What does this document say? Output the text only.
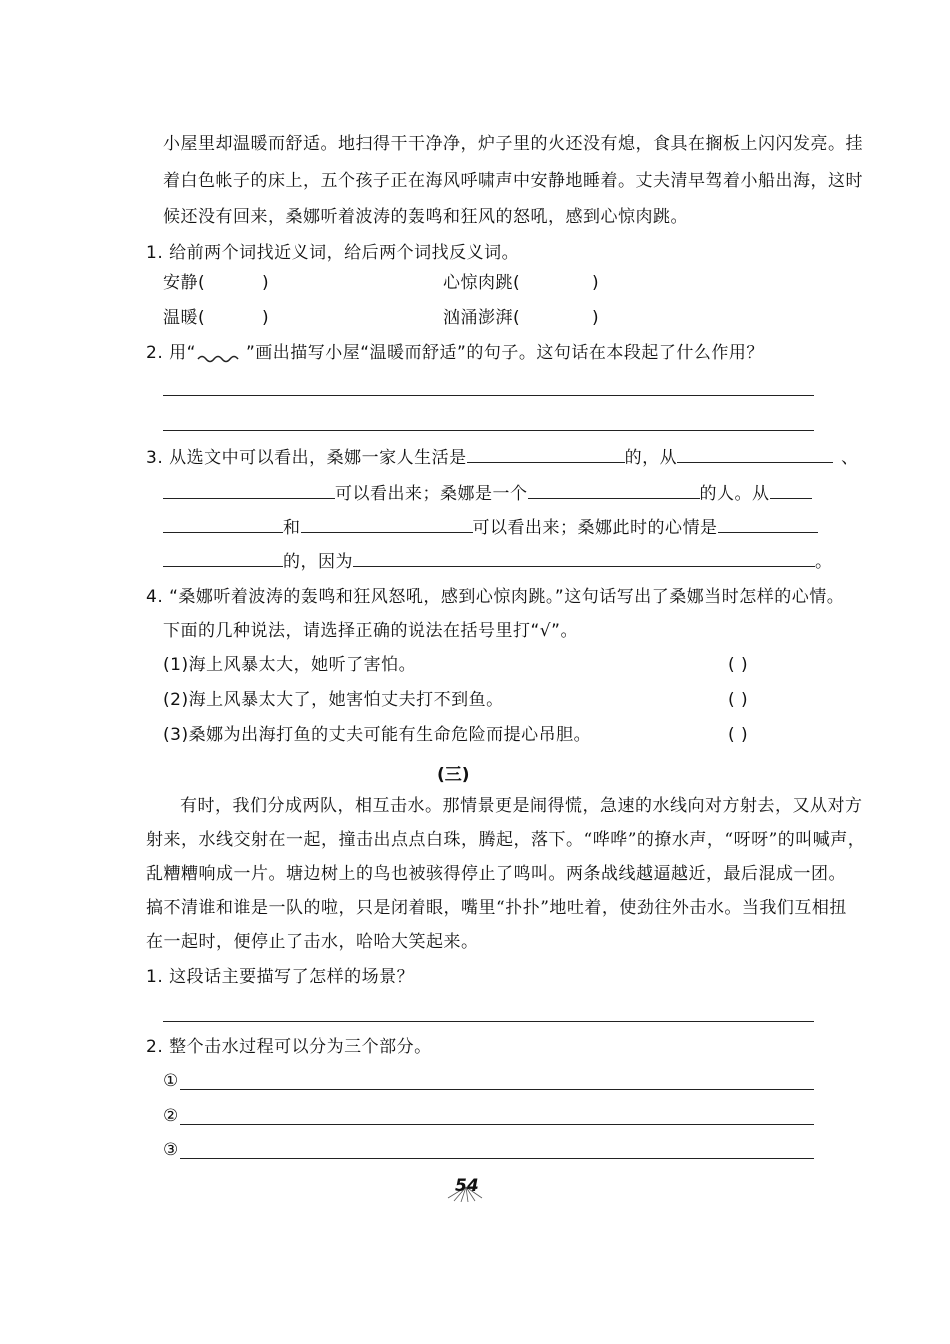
小屋里却温暖而舒适。地扫得干干净净，炉子里的火还没有熄，食具在搁板上闪闪发亮。挂
着白色帐子的床上，五个孩子正在海风呼啸声中安静地睡着。丈夫清早驾着小船出海，这时
候还没有回来，桑娜听着波涛的轰鸣和狂风的怒吼，感到心惊肉跳。
1. 给前两个词找近义词，给后两个词找反义词。
安静(	)	心惊肉跳(	)
温暖(	)	汹涌澎湃(	)
2. 用“	”画出描写小屋“温暖而舒适”的句子。这句话在本段起了什么作用？
3. 从选文中可以看出，桑娜一家人生活是	的，从	、
可以看出来；桑娜是一个	的人。从
和	可以看出来；桑娜此时的心情是
的，因为	。
4. “桑娜听着波涛的轰鸣和狂风怒吼，感到心惊肉跳。”这句话写出了桑娜当时怎样的心情。
下面的几种说法，请选择正确的说法在括号里打“√”。
(1)海上风暴太大，她听了害怕。	( )
(2)海上风暴太大了，她害怕丈夫打不到鱼。	( )
(3)桑娜为出海打鱼的丈夫可能有生命危险而提心吊胆。	( )
(三)
有时，我们分成两队，相互击水。那情景更是闹得慌，急速的水线向对方射去，又从对方
射来，水线交射在一起，撞击出点点白珠，腾起，落下。“哗哗”的撩水声，“呀呀”的叫喊声，
乱糟糟响成一片。塘边树上的鸟也被骇得停止了鸣叫。两条战线越逼越近，最后混成一团。
搞不清谁和谁是一队的啦，只是闭着眼，嘴里“扑扑”地吐着，使劲往外击水。当我们互相扭
在一起时，便停止了击水，哈哈大笑起来。
1. 这段话主要描写了怎样的场景？
2. 整个击水过程可以分为三个部分。
①
②
③
54
